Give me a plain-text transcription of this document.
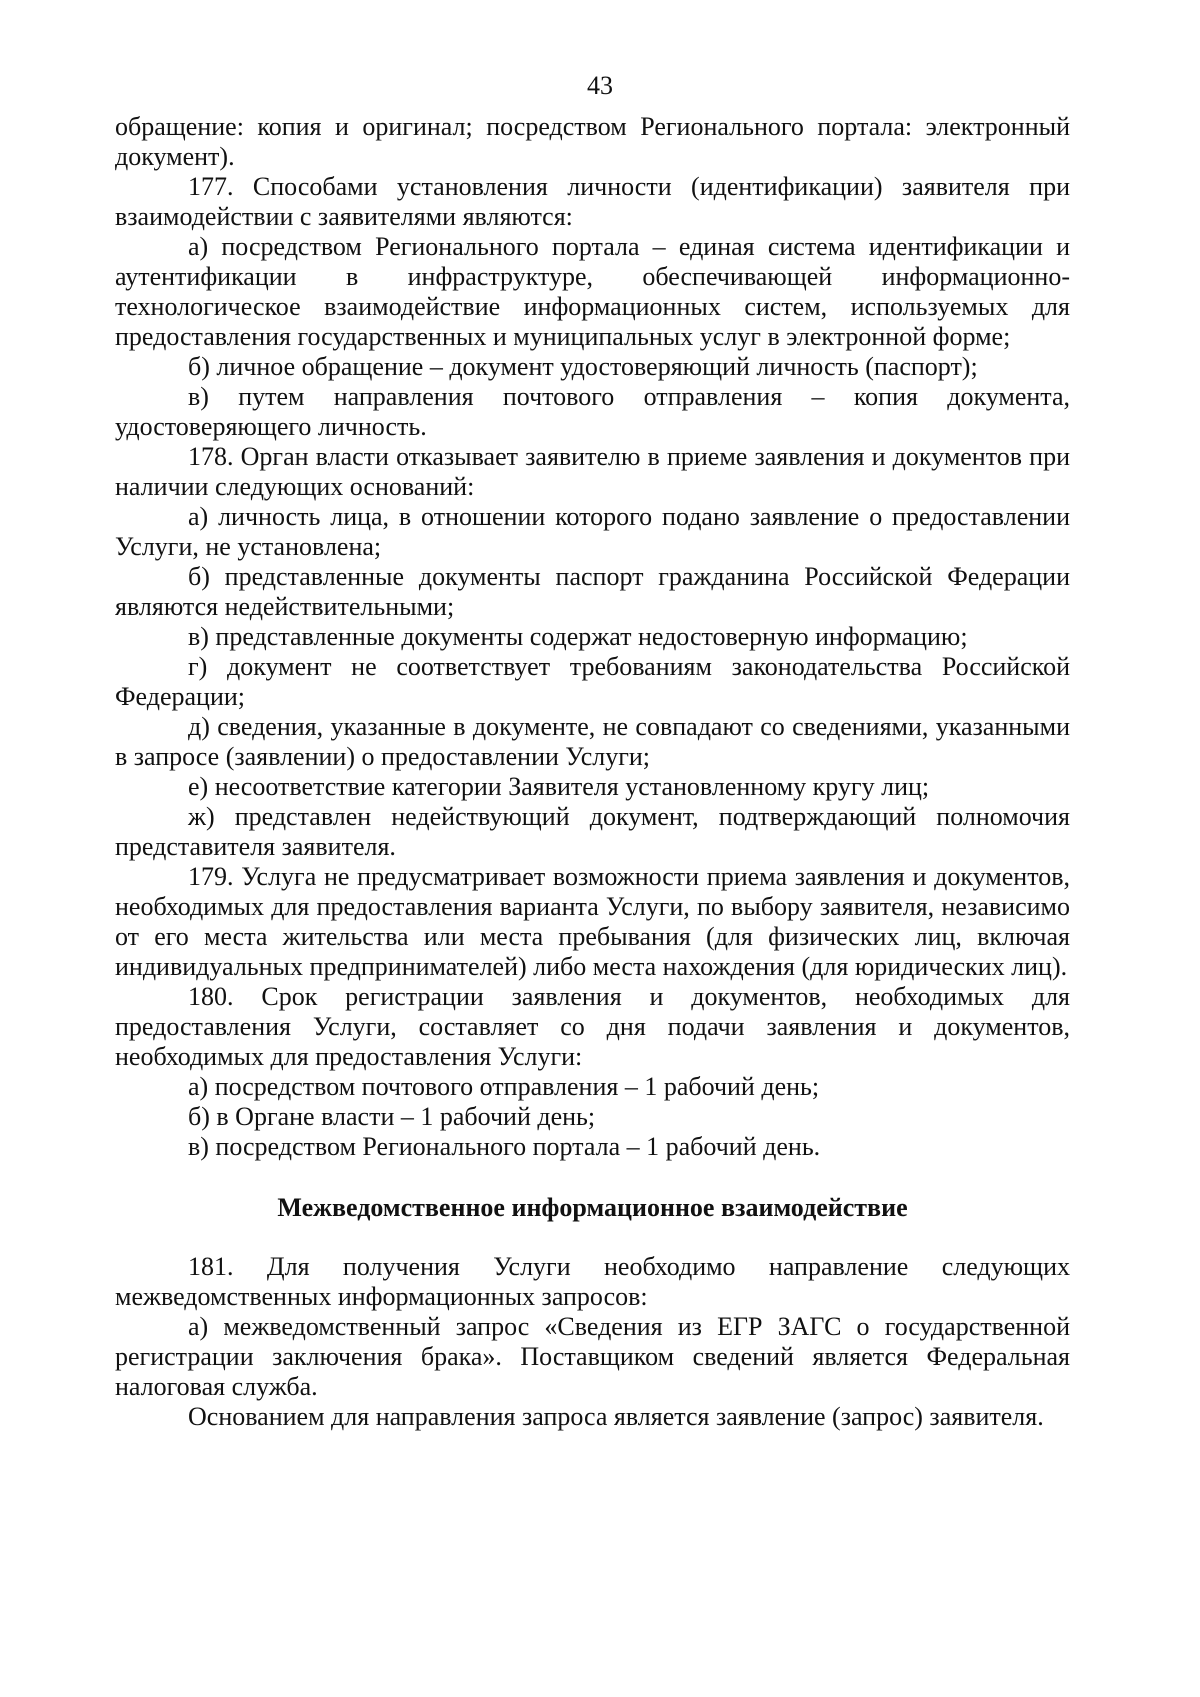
43

обращение: копия и оригинал; посредством Регионального портала: электронный документ).

177. Способами установления личности (идентификации) заявителя при взаимодействии с заявителями являются:

а) посредством Регионального портала – единая система идентификации и аутентификации в инфраструктуре, обеспечивающей информационно-технологическое взаимодействие информационных систем, используемых для предоставления государственных и муниципальных услуг в электронной форме;

б) личное обращение – документ удостоверяющий личность (паспорт);

в) путем направления почтового отправления – копия документа, удостоверяющего личность.

178. Орган власти отказывает заявителю в приеме заявления и документов при наличии следующих оснований:

а) личность лица, в отношении которого подано заявление о предоставлении Услуги, не установлена;

б) представленные документы паспорт гражданина Российской Федерации являются недействительными;

в) представленные документы содержат недостоверную информацию;

г) документ не соответствует требованиям законодательства Российской Федерации;

д) сведения, указанные в документе, не совпадают со сведениями, указанными в запросе (заявлении) о предоставлении Услуги;

е) несоответствие категории Заявителя установленному кругу лиц;

ж) представлен недействующий документ, подтверждающий полномочия представителя заявителя.

179. Услуга не предусматривает возможности приема заявления и документов, необходимых для предоставления варианта Услуги, по выбору заявителя, независимо от его места жительства или места пребывания (для физических лиц, включая индивидуальных предпринимателей) либо места нахождения (для юридических лиц).

180. Срок регистрации заявления и документов, необходимых для предоставления Услуги, составляет со дня подачи заявления и документов, необходимых для предоставления Услуги:

а) посредством почтового отправления – 1 рабочий день;

б) в Органе власти – 1 рабочий день;

в) посредством Регионального портала – 1 рабочий день.

Межведомственное информационное взаимодействие

181. Для получения Услуги необходимо направление следующих межведомственных информационных запросов:

а) межведомственный запрос «Сведения из ЕГР ЗАГС о государственной регистрации заключения брака». Поставщиком сведений является Федеральная налоговая служба.

Основанием для направления запроса является заявление (запрос) заявителя.
